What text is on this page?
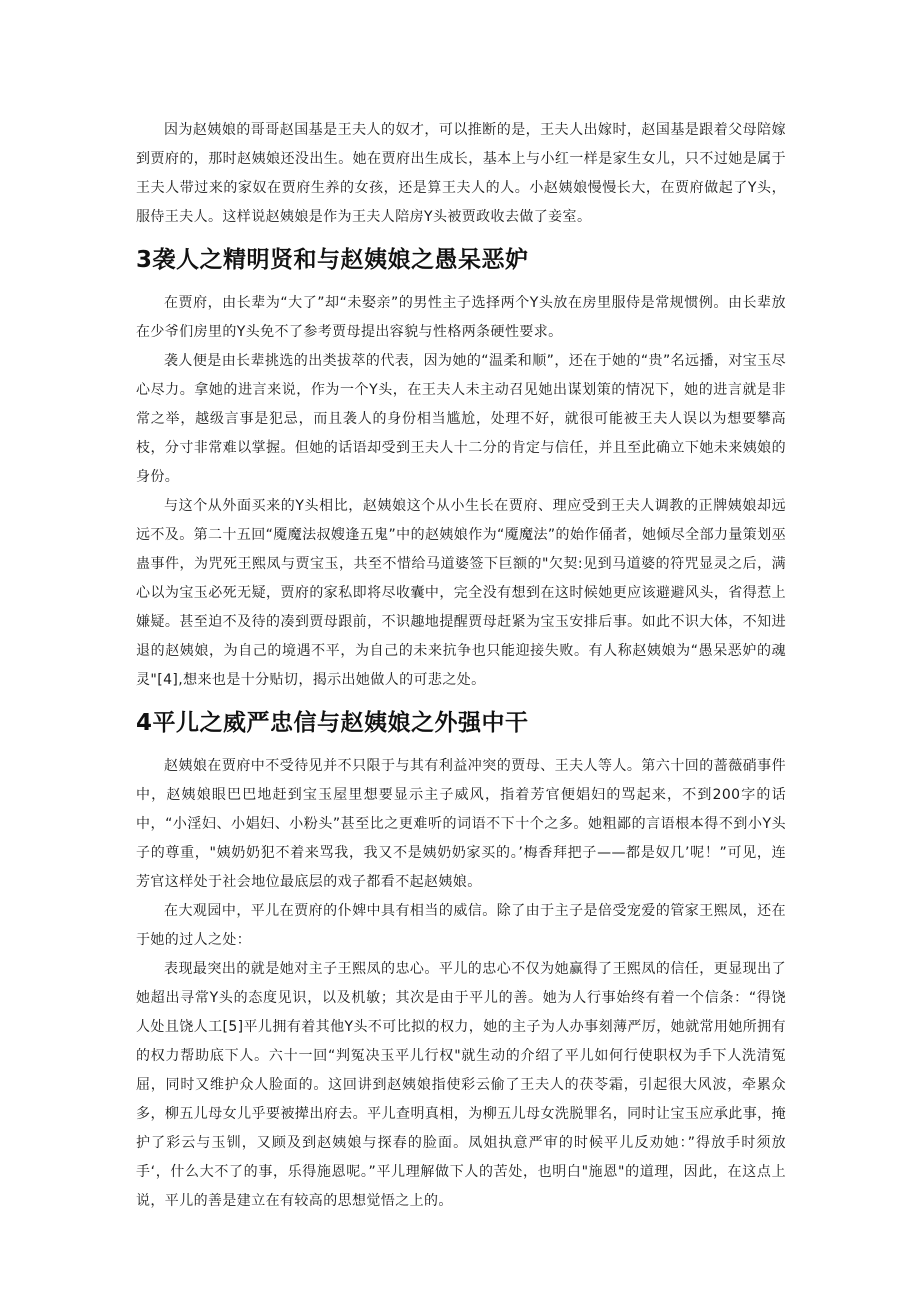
因为赵姨娘的哥哥赵国基是王夫人的奴才，可以推断的是，王夫人出嫁时，赵国基是跟着父母陪嫁到贾府的，那时赵姨娘还没出生。她在贾府出生成长，基本上与小红一样是家生女儿，只不过她是属于王夫人带过来的家奴在贾府生养的女孩，还是算王夫人的人。小赵姨娘慢慢长大，在贾府做起了Y头，服侍王夫人。这样说赵姨娘是作为王夫人陪房Y头被贾政收去做了妾室。

3袭人之精明贤和与赵姨娘之愚呆恶妒

在贾府，由长辈为“大了”却“未娶亲”的男性主子选择两个Y头放在房里服侍是常规惯例。由长辈放在少爷们房里的Y头免不了参考贾母提出容貌与性格两条硬性要求。

袭人便是由长辈挑选的出类拔萃的代表，因为她的“温柔和顺”，还在于她的“贵”名远播，对宝玉尽心尽力。拿她的进言来说，作为一个Y头，在王夫人未主动召见她出谋划策的情况下，她的进言就是非常之举，越级言事是犯忌，而且袭人的身份相当尴尬，处理不好，就很可能被王夫人误以为想要攀高枝，分寸非常难以掌握。但她的话语却受到王夫人十二分的肯定与信任，并且至此确立下她未来姨娘的身份。

与这个从外面买来的Y头相比，赵姨娘这个从小生长在贾府、理应受到王夫人调教的正牌姨娘却远远不及。第二十五回“魇魔法叔嫂逢五鬼”中的赵姨娘作为“魇魔法”的始作俑者，她倾尽全部力量策划巫蛊事件，为咒死王熙凤与贾宝玉，共至不惜给马道婆签下巨额的"欠契:见到马道婆的符咒显灵之后，满心以为宝玉必死无疑，贾府的家私即将尽收囊中，完全没有想到在这时候她更应该避避风头，省得惹上嫌疑。甚至迫不及待的凑到贾母跟前，不识趣地提醒贾母赶紧为宝玉安排后事。如此不识大体，不知进退的赵姨娘，为自己的境遇不平，为自己的未来抗争也只能迎接失败。有人称赵姨娘为“愚呆恶妒的魂灵"[4],想来也是十分贴切，揭示出她做人的可悲之处。

4平儿之威严忠信与赵姨娘之外强中干

赵姨娘在贾府中不受待见并不只限于与其有利益冲突的贾母、王夫人等人。第六十回的蔷薇硝事件中，赵姨娘眼巴巴地赶到宝玉屋里想要显示主子威风，指着芳官便娼妇的骂起来，不到200字的话中，“小淫妇、小娼妇、小粉头”甚至比之更难听的词语不下十个之多。她粗鄙的言语根本得不到小Y头子的尊重，"姨奶奶犯不着来骂我，我又不是姨奶奶家买的。’梅香拜把子——都是奴几’呢！”可见，连芳官这样处于社会地位最底层的戏子都看不起赵姨娘。

在大观园中，平儿在贾府的仆婢中具有相当的威信。除了由于主子是倍受宠爱的管家王熙凤，还在于她的过人之处：

表现最突出的就是她对主子王熙凤的忠心。平儿的忠心不仅为她赢得了王熙凤的信任，更显现出了她超出寻常Y头的态度见识，以及机敏；其次是由于平儿的善。她为人行事始终有着一个信条：“得饶人处且饶人工[5]平儿拥有着其他Y头不可比拟的权力，她的主子为人办事刻薄严厉，她就常用她所拥有的权力帮助底下人。六十一回“判冤决玉平儿行权"就生动的介绍了平儿如何行使职权为手下人洗清冤屈，同时又维护众人脸面的。这回讲到赵姨娘指使彩云偷了王夫人的茯苓霜，引起很大风波，牵累众多，柳五儿母女儿乎要被撵出府去。平儿查明真相，为柳五儿母女洗脱罪名，同时让宝玉应承此事，掩护了彩云与玉钏，又顾及到赵姨娘与探春的脸面。凤姐执意严审的时候平儿反劝她：”得放手时须放手‘，什么大不了的事，乐得施恩呢。”平儿理解做下人的苦处，也明白"施恩"的道理，因此，在这点上说，平儿的善是建立在有较高的思想觉悟之上的。
